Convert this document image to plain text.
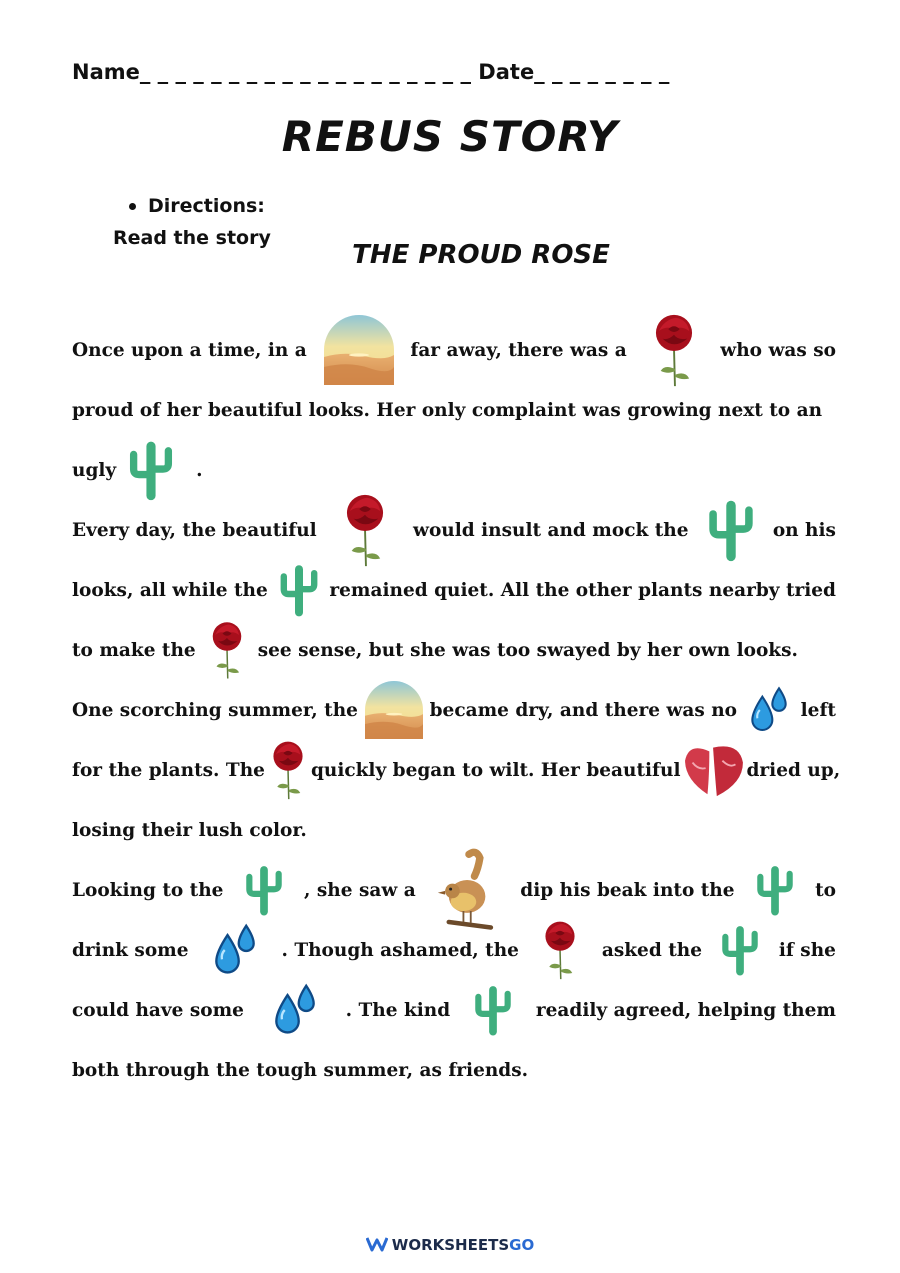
Name_ _ _ _ _ _ _ _ _ _ _ _ _ _ _ _ _ _ _ Date_ _ _ _ _ _ _ _
REBUS STORY
Directions:
Read the story
THE PROUD ROSE
Once upon a time, in a	far away, there was a	who was so
proud of her beautiful looks. Her only complaint was growing next to an
ugly	.
Every day, the beautiful	would insult and mock the	on his
looks, all while the	remained quiet. All the other plants nearby tried
to make the	see sense, but she was too swayed by her own looks.
One scorching summer, the	became dry, and there was no	left
for the plants. The quickly began to wilt. Her beautiful	dried up,
losing their lush color.
Looking to the	, she saw a	dip his beak into the	to
drink some	. Though ashamed, the	asked the	if she
could have some	. The kind	readily agreed, helping them
both through the tough summer, as friends.
WORKSHEETSGO
